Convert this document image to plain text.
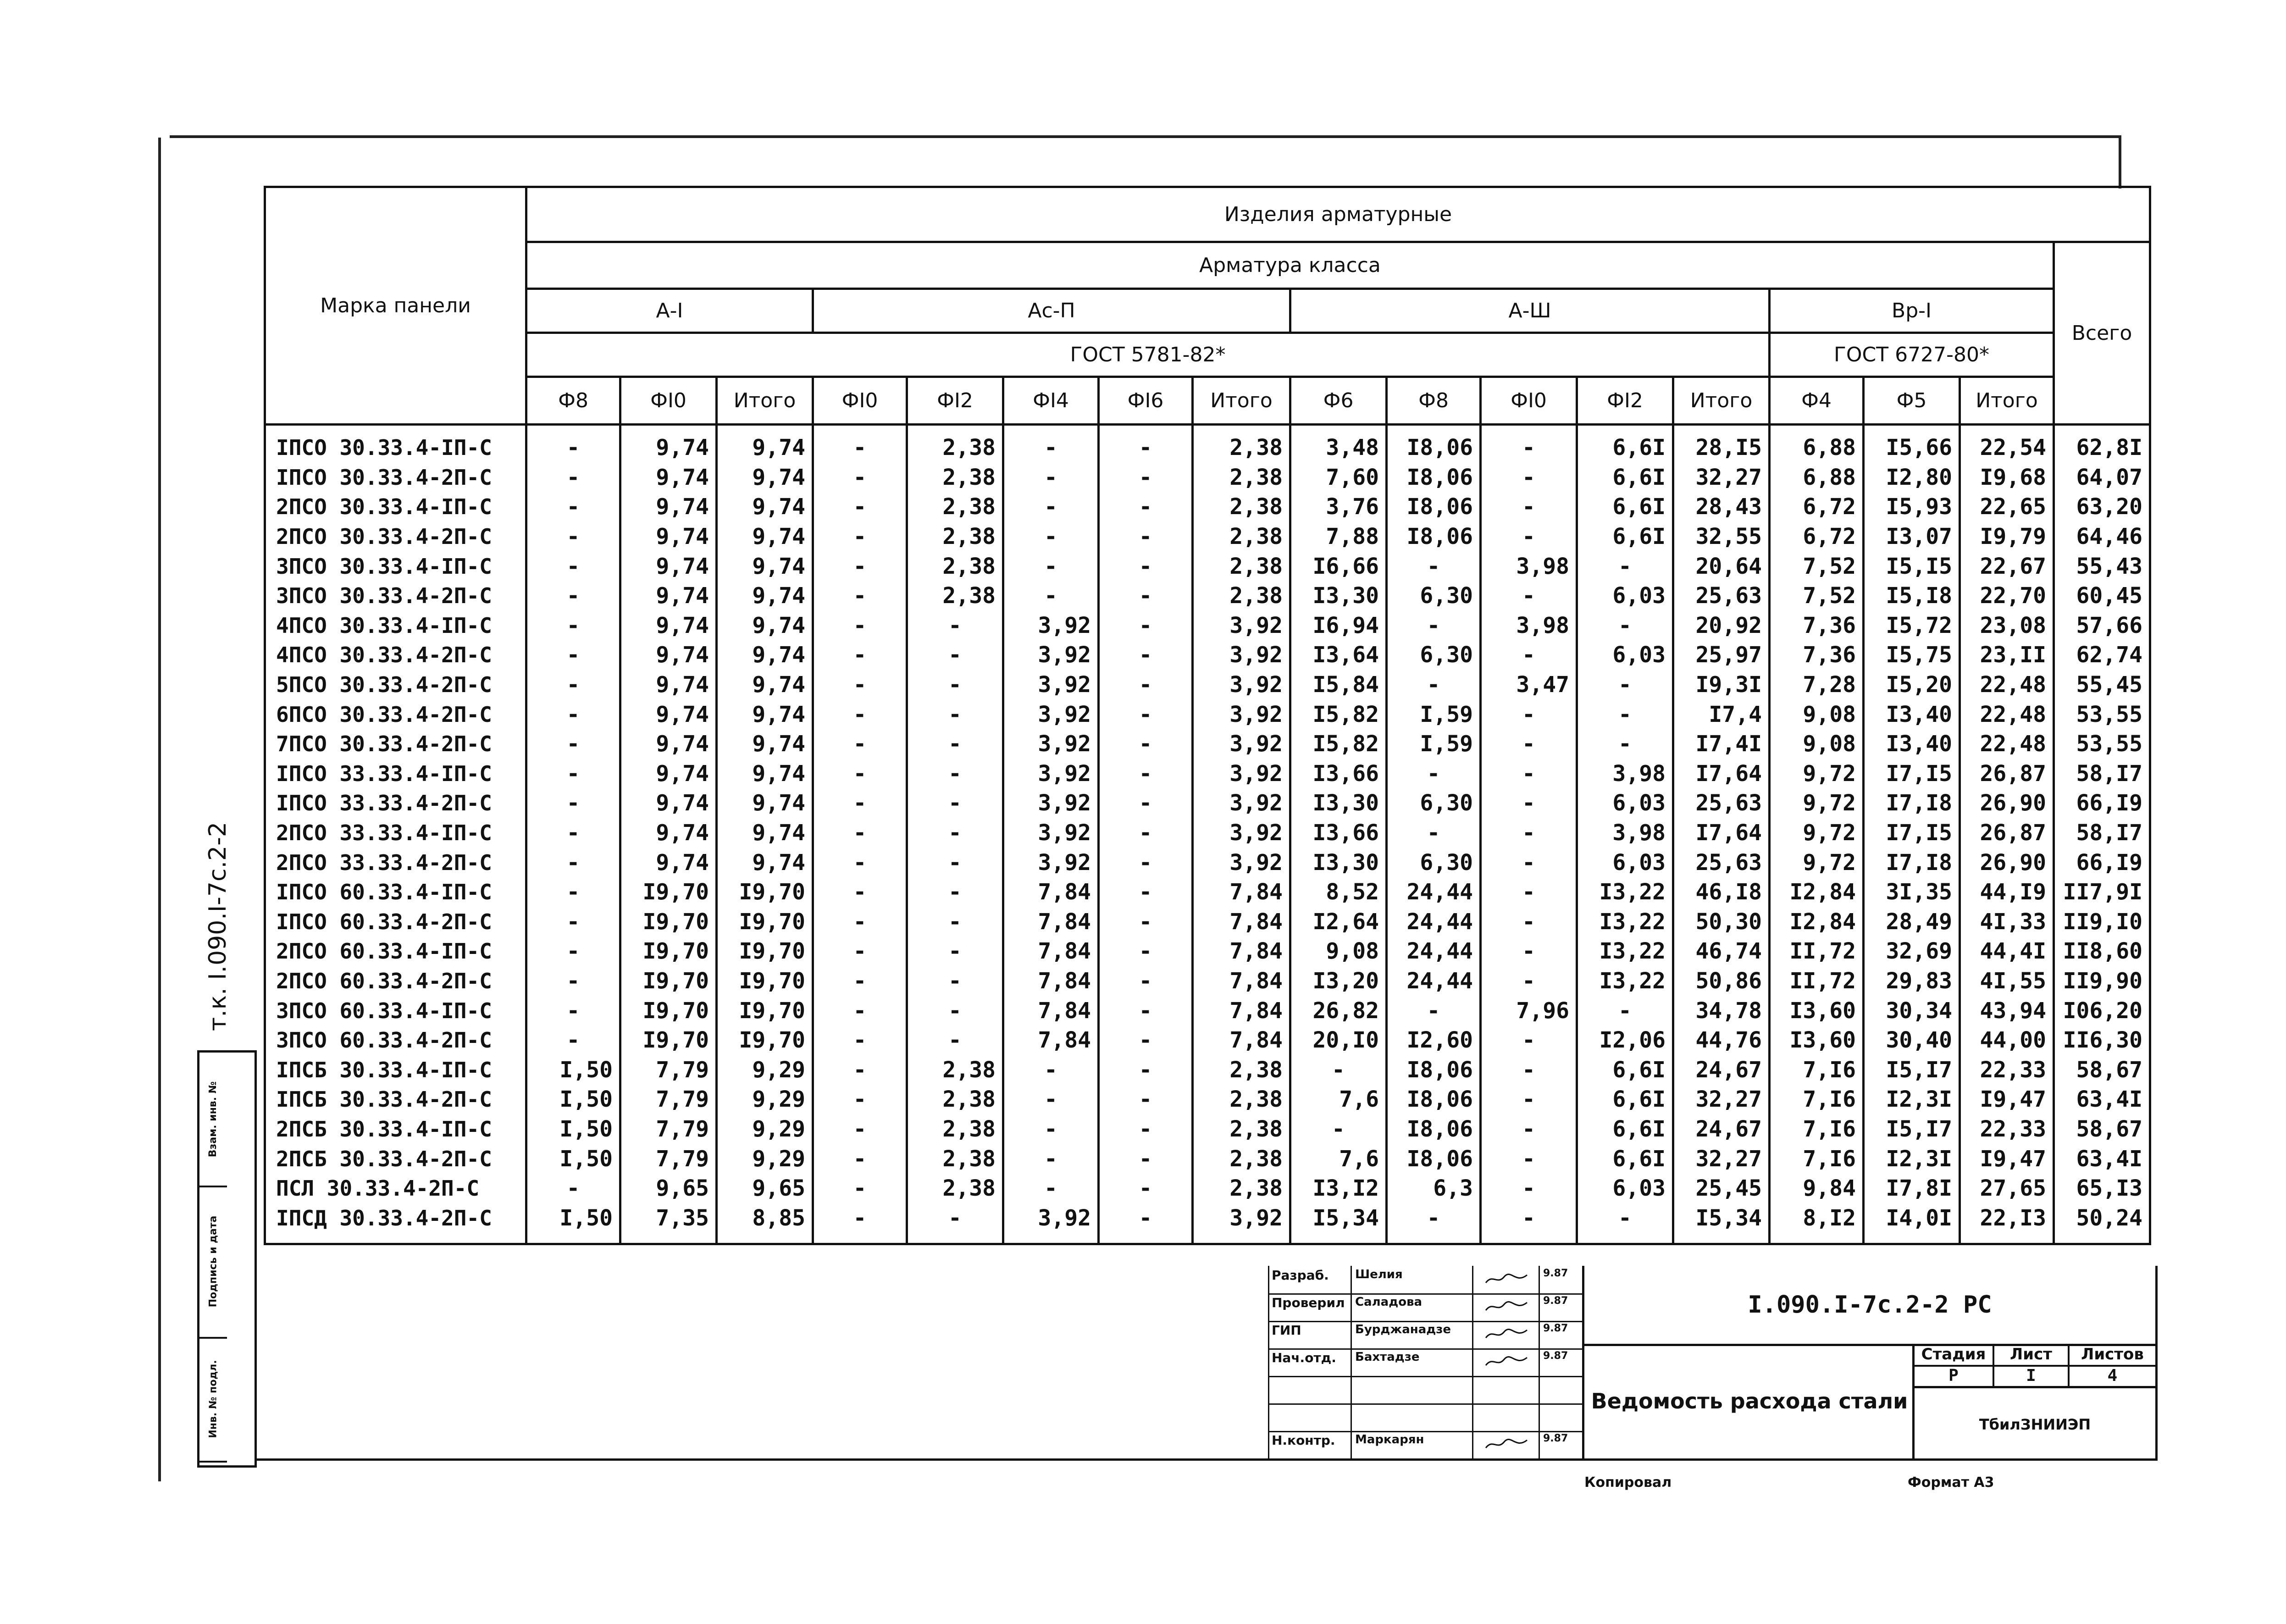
т.к. I.090.I-7с.2-2
Инв. № подл.
Подпись и дата
Взам. инв. №
Марка панели	Изделия арматурные																
	Арматура класса																Всего
	А-I			Ас-П					А-Ш					Вр-I			
	ГОСТ 5781-82*													ГОСТ 6727-80*			
	Ф8	ФI0	Итого	ФI0	ФI2	ФI4	ФI6	Итого	Ф6	Ф8	ФI0	ФI2	Итого	Ф4	Ф5	Итого	
IПСО 30.33.4-IП-С	-	9,74	9,74	-	2,38	-	-	2,38	3,48	I8,06	-	6,6I	28,I5	6,88	I5,66	22,54	62,8I
IПСО 30.33.4-2П-С	-	9,74	9,74	-	2,38	-	-	2,38	7,60	I8,06	-	6,6I	32,27	6,88	I2,80	I9,68	64,07
2ПСО 30.33.4-IП-С	-	9,74	9,74	-	2,38	-	-	2,38	3,76	I8,06	-	6,6I	28,43	6,72	I5,93	22,65	63,20
2ПСО 30.33.4-2П-С	-	9,74	9,74	-	2,38	-	-	2,38	7,88	I8,06	-	6,6I	32,55	6,72	I3,07	I9,79	64,46
3ПСО 30.33.4-IП-С	-	9,74	9,74	-	2,38	-	-	2,38	I6,66	-	3,98	-	20,64	7,52	I5,I5	22,67	55,43
3ПСО 30.33.4-2П-С	-	9,74	9,74	-	2,38	-	-	2,38	I3,30	6,30	-	6,03	25,63	7,52	I5,I8	22,70	60,45
4ПСО 30.33.4-IП-С	-	9,74	9,74	-	-	3,92	-	3,92	I6,94	-	3,98	-	20,92	7,36	I5,72	23,08	57,66
4ПСО 30.33.4-2П-С	-	9,74	9,74	-	-	3,92	-	3,92	I3,64	6,30	-	6,03	25,97	7,36	I5,75	23,II	62,74
5ПСО 30.33.4-2П-С	-	9,74	9,74	-	-	3,92	-	3,92	I5,84	-	3,47	-	I9,3I	7,28	I5,20	22,48	55,45
6ПСО 30.33.4-2П-С	-	9,74	9,74	-	-	3,92	-	3,92	I5,82	I,59	-	-	I7,4	9,08	I3,40	22,48	53,55
7ПСО 30.33.4-2П-С	-	9,74	9,74	-	-	3,92	-	3,92	I5,82	I,59	-	-	I7,4I	9,08	I3,40	22,48	53,55
IПСО 33.33.4-IП-С	-	9,74	9,74	-	-	3,92	-	3,92	I3,66	-	-	3,98	I7,64	9,72	I7,I5	26,87	58,I7
IПСО 33.33.4-2П-С	-	9,74	9,74	-	-	3,92	-	3,92	I3,30	6,30	-	6,03	25,63	9,72	I7,I8	26,90	66,I9
2ПСО 33.33.4-IП-С	-	9,74	9,74	-	-	3,92	-	3,92	I3,66	-	-	3,98	I7,64	9,72	I7,I5	26,87	58,I7
2ПСО 33.33.4-2П-С	-	9,74	9,74	-	-	3,92	-	3,92	I3,30	6,30	-	6,03	25,63	9,72	I7,I8	26,90	66,I9
IПСО 60.33.4-IП-С	-	I9,70	I9,70	-	-	7,84	-	7,84	8,52	24,44	-	I3,22	46,I8	I2,84	3I,35	44,I9	II7,9I
IПСО 60.33.4-2П-С	-	I9,70	I9,70	-	-	7,84	-	7,84	I2,64	24,44	-	I3,22	50,30	I2,84	28,49	4I,33	II9,I0
2ПСО 60.33.4-IП-С	-	I9,70	I9,70	-	-	7,84	-	7,84	9,08	24,44	-	I3,22	46,74	II,72	32,69	44,4I	II8,60
2ПСО 60.33.4-2П-С	-	I9,70	I9,70	-	-	7,84	-	7,84	I3,20	24,44	-	I3,22	50,86	II,72	29,83	4I,55	II9,90
3ПСО 60.33.4-IП-С	-	I9,70	I9,70	-	-	7,84	-	7,84	26,82	-	7,96	-	34,78	I3,60	30,34	43,94	I06,20
3ПСО 60.33.4-2П-С	-	I9,70	I9,70	-	-	7,84	-	7,84	20,I0	I2,60	-	I2,06	44,76	I3,60	30,40	44,00	II6,30
IПСБ 30.33.4-IП-С	I,50	7,79	9,29	-	2,38	-	-	2,38	-	I8,06	-	6,6I	24,67	7,I6	I5,I7	22,33	58,67
IПСБ 30.33.4-2П-С	I,50	7,79	9,29	-	2,38	-	-	2,38	7,6	I8,06	-	6,6I	32,27	7,I6	I2,3I	I9,47	63,4I
2ПСБ 30.33.4-IП-С	I,50	7,79	9,29	-	2,38	-	-	2,38	-	I8,06	-	6,6I	24,67	7,I6	I5,I7	22,33	58,67
2ПСБ 30.33.4-2П-С	I,50	7,79	9,29	-	2,38	-	-	2,38	7,6	I8,06	-	6,6I	32,27	7,I6	I2,3I	I9,47	63,4I
ПСЛ 30.33.4-2П-С	-	9,65	9,65	-	2,38	-	-	2,38	I3,I2	6,3	-	6,03	25,45	9,84	I7,8I	27,65	65,I3
IПСД 30.33.4-2П-С	I,50	7,35	8,85	-	-	3,92	-	3,92	I5,34	-	-	-	I5,34	8,I2	I4,0I	22,I3	50,24
Разраб. Шелия	9.87
Проверил Саладова	9.87
ГИП	Бурджанадзе	9.87
Нач.отд. Бахтадзе	9.87
Н.контр. Маркарян	9.87
I.090.I-7с.2-2 РС
Ведомость расхода стали
Стадия	Лист	Листов
Р	I	4
ТбилЗНИИЭП
Копировал	Формат А3
